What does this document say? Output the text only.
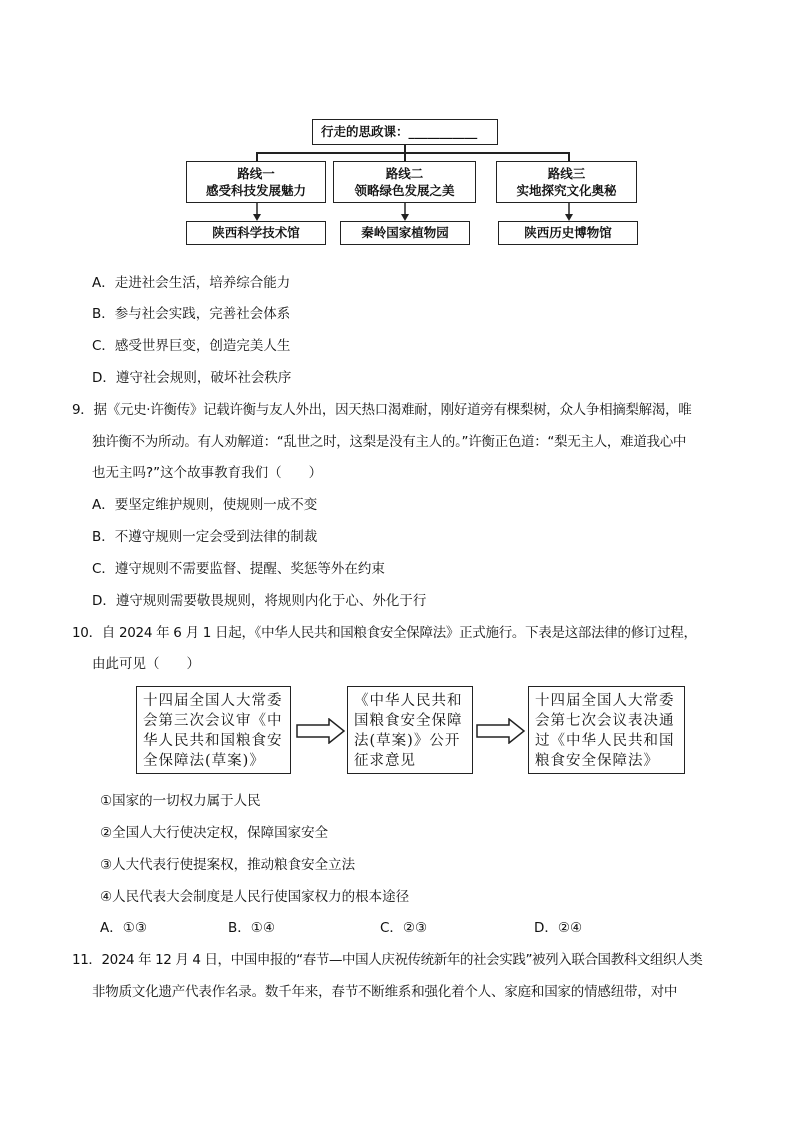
行走的思政课：___________
路线一
感受科技发展魅力
路线二
领略绿色发展之美
路线三
实地探究文化奥秘
陕西科学技术馆	秦岭国家植物园	陕西历史博物馆
A．走进社会生活，培养综合能力
B．参与社会实践，完善社会体系
C．感受世界巨变，创造完美人生
D．遵守社会规则，破坏社会秩序
9．据《元史·许衡传》记载许衡与友人外出，因天热口渴难耐，刚好道旁有棵梨树，众人争相摘梨解渴，唯
独许衡不为所动。有人劝解道：“乱世之时，这梨是没有主人的。”许衡正色道：“梨无主人，难道我心中
也无主吗?”这个故事教育我们（　　）
A．要坚定维护规则，使规则一成不变
B．不遵守规则一定会受到法律的制裁
C．遵守规则不需要监督、提醒、奖惩等外在约束
D．遵守规则需要敬畏规则，将规则内化于心、外化于行
10．自 2024 年 6 月 1 日起，《中华人民共和国粮食安全保障法》正式施行。下表是这部法律的修订过程，
由此可见（　　）
十四届全国人大常委
会第三次会议审《中
华人民共和国粮食安
全保障法(草案)》
《中华人民共和
国粮食安全保障
法(草案)》公开
征求意见
十四届全国人大常委
会第七次会议表决通
过《中华人民共和国
粮食安全保障法》
①国家的一切权力属于人民
②全国人大行使决定权，保障国家安全
③人大代表行使提案权，推动粮食安全立法
④人民代表大会制度是人民行使国家权力的根本途径
A．①③	B．①④	C．②③	D．②④
11．2024 年 12 月 4 日，中国申报的“春节—中国人庆祝传统新年的社会实践”被列入联合国教科文组织人类
非物质文化遗产代表作名录。数千年来，春节不断维系和强化着个人、家庭和国家的情感纽带，对中
